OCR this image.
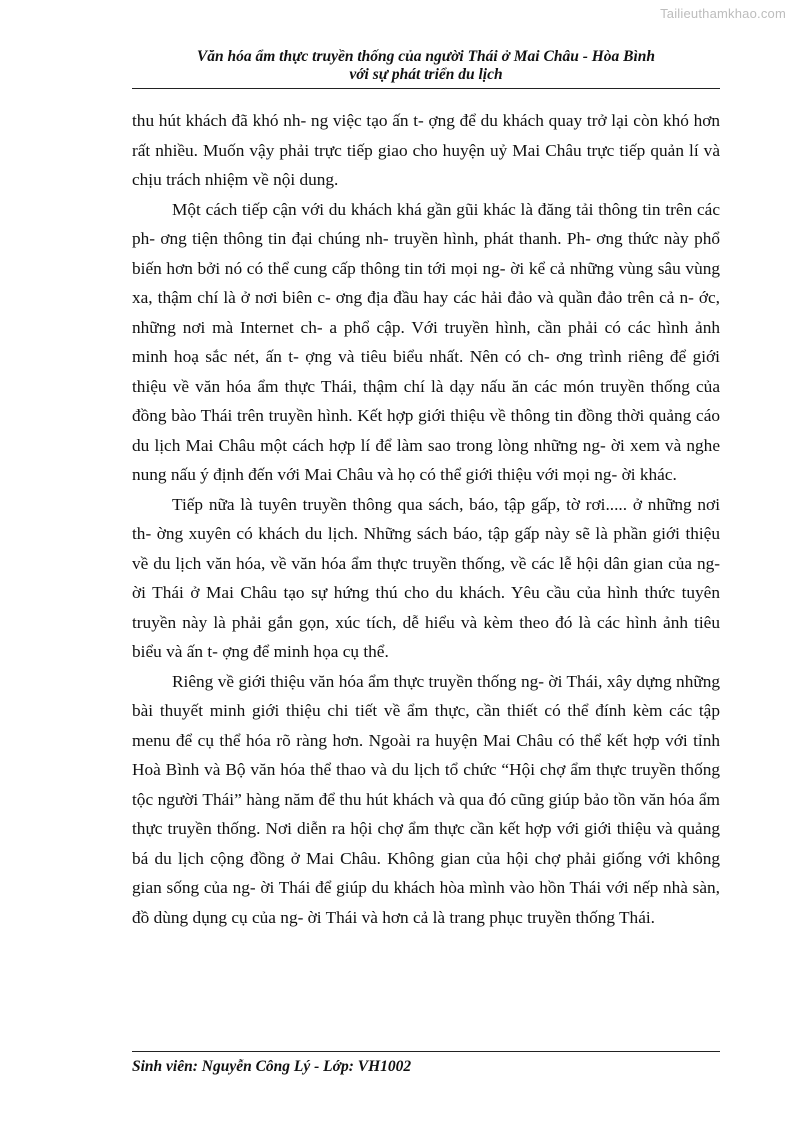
Tailieuthamkhao.com
Văn hóa ẩm thực truyền thống của người Thái ở Mai Châu - Hòa Bình
với sự phát triển du lịch

thu hút khách đã khó nh- ng việc tạo ấn t- ợng để du khách quay trở lại còn khó hơn rất nhiều. Muốn vậy phải trực tiếp giao cho huyện uỷ Mai Châu trực tiếp quản lí và chịu trách nhiệm về nội dung.

Một cách tiếp cận với du khách khá gần gũi khác là đăng tải thông tin trên các ph- ơng tiện thông tin đại chúng nh- truyền hình, phát thanh. Ph- ơng thức này phổ biến hơn bởi nó có thể cung cấp thông tin tới mọi ng- ời kể cả những vùng sâu vùng xa, thậm chí là ở nơi biên c- ơng địa đầu hay các hải đảo và quần đảo trên cả n- ớc, những nơi mà Internet ch- a phổ cập. Với truyền hình, cần phải có các hình ảnh minh hoạ sắc nét, ấn t- ợng và tiêu biểu nhất. Nên có ch- ơng trình riêng để giới thiệu về văn hóa ẩm thực Thái, thậm chí là dạy nấu ăn các món truyền thống của đồng bào Thái trên truyền hình. Kết hợp giới thiệu về thông tin đồng thời quảng cáo du lịch Mai Châu một cách hợp lí để làm sao trong lòng những ng- ời xem và nghe nung nấu ý định đến với Mai Châu và họ có thể giới thiệu với mọi ng- ời khác.

Tiếp nữa là tuyên truyền thông qua sách, báo, tập gấp, tờ rơi..... ở những nơi th- ờng xuyên có khách du lịch. Những sách báo, tập gấp này sẽ là phần giới thiệu về du lịch văn hóa, về văn hóa ẩm thực truyền thống, về các lễ hội dân gian của ng- ời Thái ở Mai Châu tạo sự hứng thú cho du khách. Yêu cầu của hình thức tuyên truyền này là phải gắn gọn, xúc tích, dễ hiểu và kèm theo đó là các hình ảnh tiêu biểu và ấn t- ợng để minh họa cụ thể.

Riêng về giới thiệu văn hóa ẩm thực truyền thống ng- ời Thái, xây dựng những bài thuyết minh giới thiệu chi tiết về ẩm thực, cần thiết có thể đính kèm các tập menu để cụ thể hóa rõ ràng hơn. Ngoài ra huyện Mai Châu có thể kết hợp với tỉnh Hoà Bình và Bộ văn hóa thể thao và du lịch tổ chức “Hội chợ ẩm thực truyền thống tộc người Thái” hàng năm để thu hút khách và qua đó cũng giúp bảo tồn văn hóa ẩm thực truyền thống. Nơi diễn ra hội chợ ẩm thực cần kết hợp với giới thiệu và quảng bá du lịch cộng đồng ở Mai Châu. Không gian của hội chợ phải giống với không gian sống của ng- ời Thái để giúp du khách hòa mình vào hồn Thái với nếp nhà sàn, đồ dùng dụng cụ của ng- ời Thái và hơn cả là trang phục truyền thống Thái.

Sinh viên: Nguyễn Công Lý - Lớp: VH1002
